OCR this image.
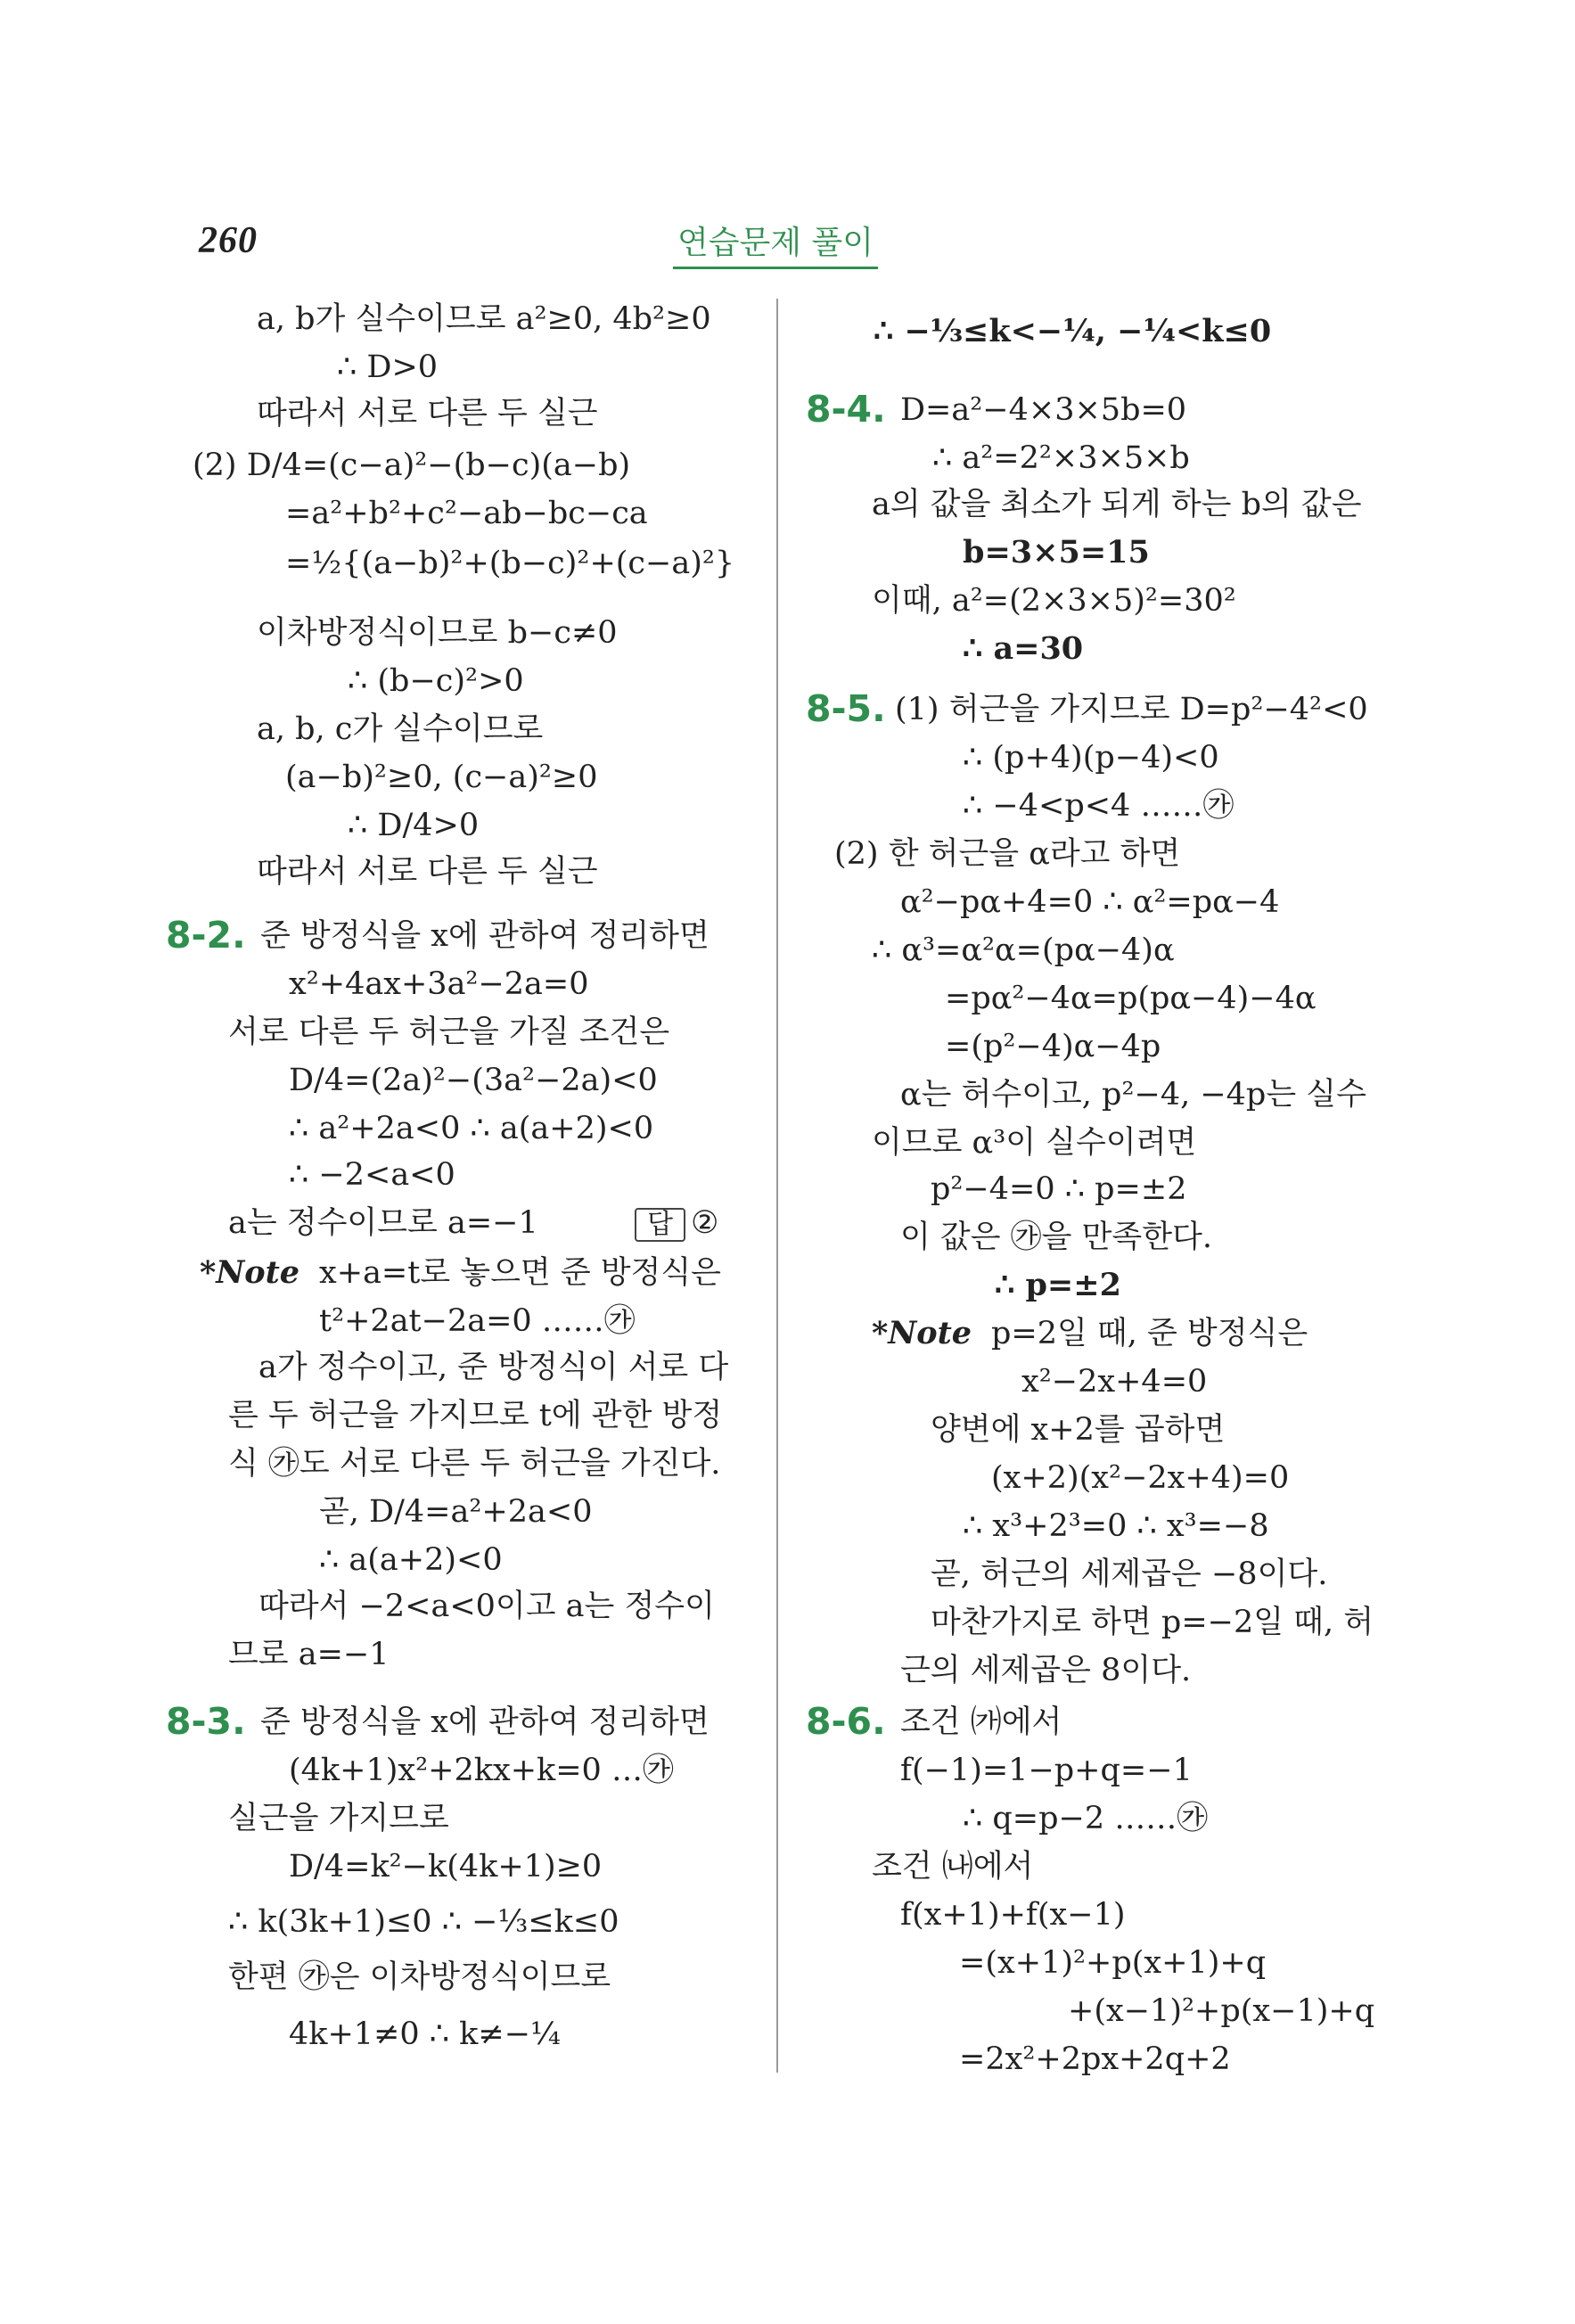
260	연습문제 풀이
a, b가 실수이므로 a²≥0, 4b²≥0
∴ D>0
따라서 서로 다른 두 실근
(2) D/4=(c−a)²−(b−c)(a−b)
=a²+b²+c²−ab−bc−ca
=½{(a−b)²+(b−c)²+(c−a)²}
이차방정식이므로 b−c≠0
∴ (b−c)²>0
a, b, c가 실수이므로
(a−b)²≥0, (c−a)²≥0
∴ D/4>0
따라서 서로 다른 두 실근
8-2. 준 방정식을 x에 관하여 정리하면
x²+4ax+3a²−2a=0
서로 다른 두 허근을 가질 조건은
D/4=(2a)²−(3a²−2a)<0
∴ a²+2a<0 ∴ a(a+2)<0
∴ −2<a<0
a는 정수이므로 a=−1	답 ②
*Note x+a=t로 놓으면 준 방정식은
t²+2at−2a=0 ……㉮
a가 정수이고, 준 방정식이 서로 다
른 두 허근을 가지므로 t에 관한 방정
식 ㉮도 서로 다른 두 허근을 가진다.
곧, D/4=a²+2a<0
∴ a(a+2)<0
따라서 −2<a<0이고 a는 정수이
므로 a=−1
8-3. 준 방정식을 x에 관하여 정리하면
(4k+1)x²+2kx+k=0 …㉮
실근을 가지므로
D/4=k²−k(4k+1)≥0
∴ k(3k+1)≤0 ∴ −⅓≤k≤0
한편 ㉮은 이차방정식이므로
4k+1≠0 ∴ k≠−¼
∴ −⅓≤k<−¼, −¼<k≤0
8-4. D=a²−4×3×5b=0
∴ a²=2²×3×5×b
a의 값을 최소가 되게 하는 b의 값은
b=3×5=15
이때, a²=(2×3×5)²=30²
∴ a=30
8-5. (1) 허근을 가지므로 D=p²−4²<0
∴ (p+4)(p−4)<0
∴ −4<p<4 ……㉮
(2) 한 허근을 α라고 하면
α²−pα+4=0 ∴ α²=pα−4
∴ α³=α²α=(pα−4)α
=pα²−4α=p(pα−4)−4α
=(p²−4)α−4p
α는 허수이고, p²−4, −4p는 실수
이므로 α³이 실수이려면
p²−4=0 ∴ p=±2
이 값은 ㉮을 만족한다.
∴ p=±2
*Note p=2일 때, 준 방정식은
x²−2x+4=0
양변에 x+2를 곱하면
(x+2)(x²−2x+4)=0
∴ x³+2³=0 ∴ x³=−8
곧, 허근의 세제곱은 −8이다.
마찬가지로 하면 p=−2일 때, 허
근의 세제곱은 8이다.
8-6. 조건 ㈎에서
f(−1)=1−p+q=−1
∴ q=p−2 ……㉮
조건 ㈏에서
f(x+1)+f(x−1)
=(x+1)²+p(x+1)+q
+(x−1)²+p(x−1)+q
=2x²+2px+2q+2
